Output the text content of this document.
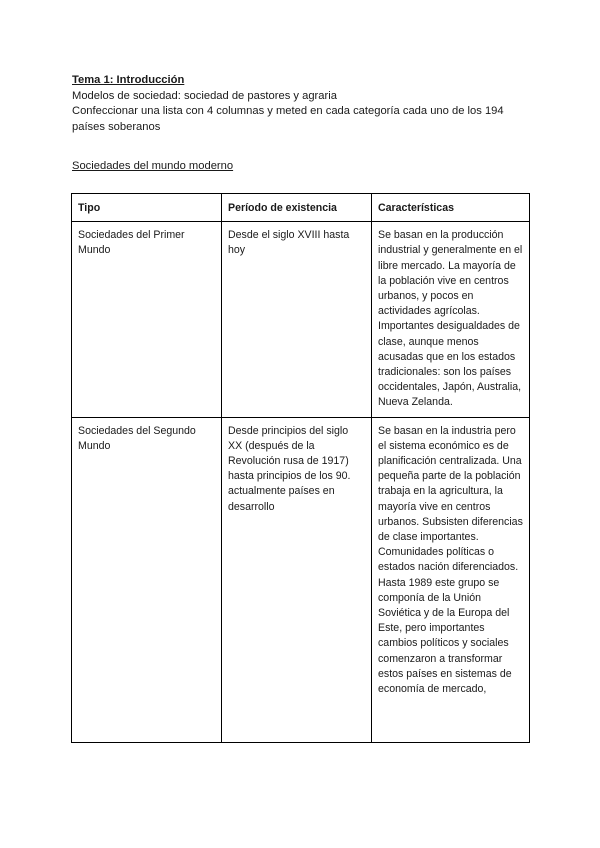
Tema 1: Introducción

Modelos de sociedad: sociedad de pastores y agraria

Confeccionar una lista con 4 columnas y meted en cada categoría cada uno de los 194 países soberanos

Sociedades del mundo moderno
Tipo	Período de existencia	Características
Sociedades del Primer Mundo	Desde el siglo XVIII hasta hoy	Se basan en la producción industrial y generalmente en el libre mercado. La mayoría de la población vive en centros urbanos, y pocos en actividades agrícolas.
Importantes desigualdades de clase, aunque menos acusadas que en los estados tradicionales: son los países occidentales, Japón, Australia, Nueva Zelanda.

Sociedades del Segundo Mundo	Desde principios del siglo XX (después de la Revolución rusa de 1917) hasta principios de los 90. actualmente países en desarrollo	Se basan en la industria pero el sistema económico es de planificación centralizada. Una pequeña parte de la población trabaja en la agricultura, la mayoría vive en centros urbanos. Subsisten diferencias de clase importantes.
Comunidades políticas o estados nación diferenciados.
Hasta 1989 este grupo se componía de la Unión Soviética y de la Europa del Este, pero importantes cambios políticos y sociales comenzaron a transformar estos países en sistemas de economía de mercado,
